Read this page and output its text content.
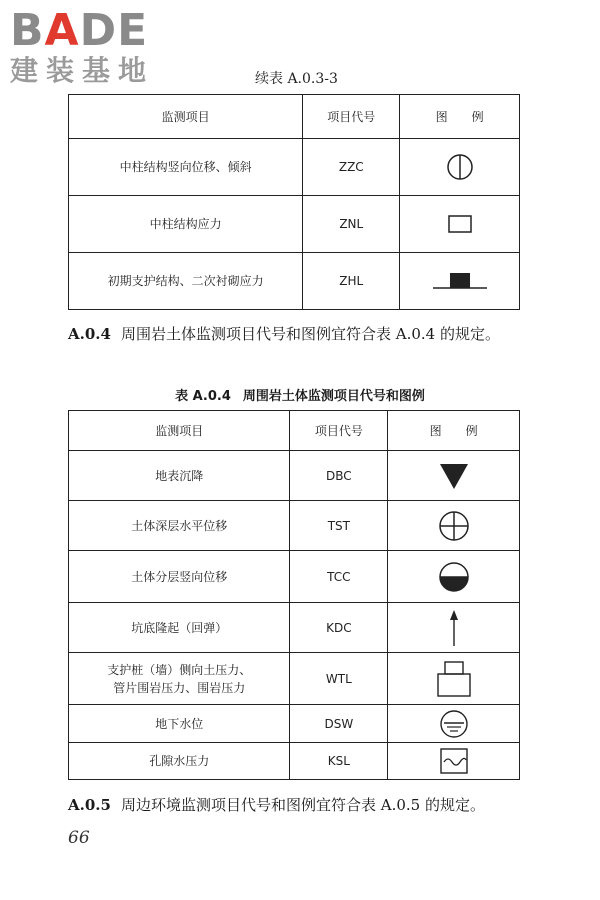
BADE
建装基地	续表 A.0.3-3
监测项目	项目代号	图　　例
中柱结构竖向位移、倾斜	ZZC	

中柱结构应力	ZNL	

初期支护结构、二次衬砌应力	ZHL	
A.0.4 周围岩土体监测项目代号和图例宜符合表 A.0.4 的规定。
表 A.0.4 周围岩土体监测项目代号和图例
监测项目	项目代号	图　　例
地表沉降	DBC	

土体深层水平位移	TST	

土体分层竖向位移	TCC	

坑底隆起（回弹）	KDC	

支护桩（墙）侧向土压力、
管片围岩压力、围岩压力	WTL	

地下水位	DSW	

孔隙水压力	KSL	
A.0.5 周边环境监测项目代号和图例宜符合表 A.0.5 的规定。
66
